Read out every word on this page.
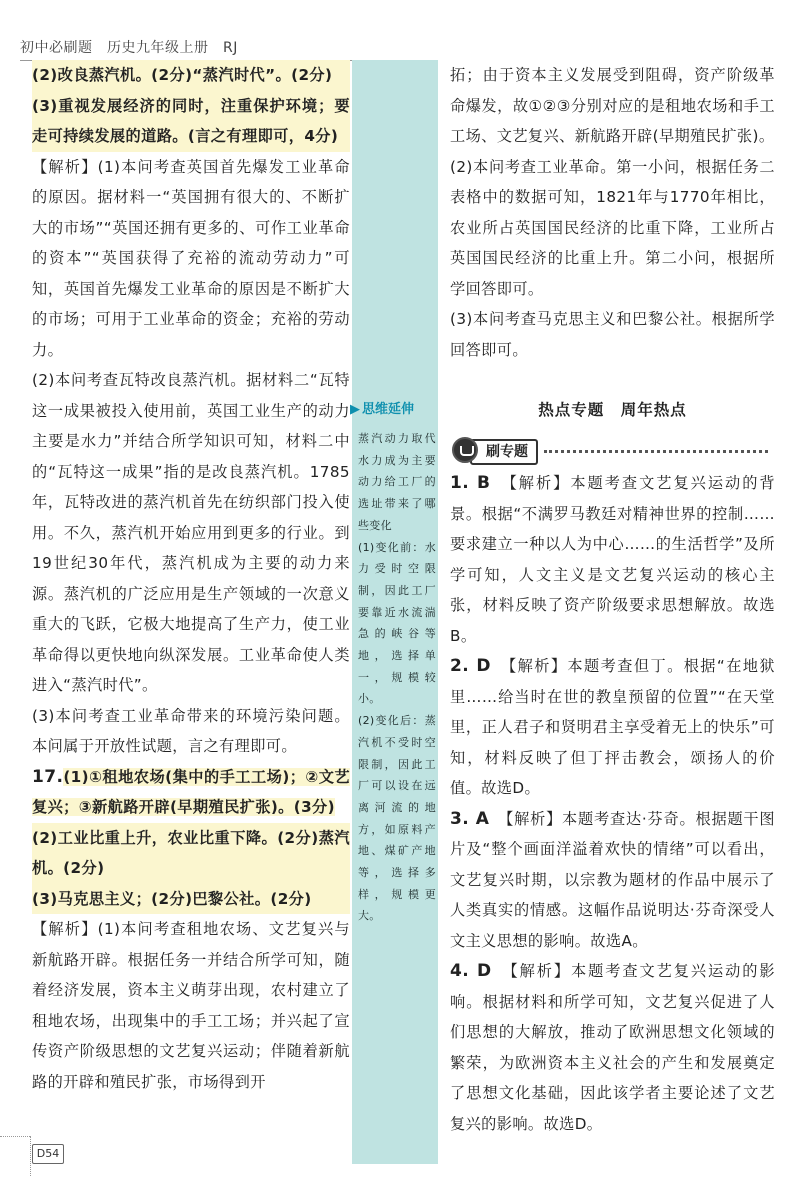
初中必刷题　历史九年级上册　RJ

(2)改良蒸汽机。(2分)“蒸汽时代”。(2分)

(3)重视发展经济的同时，注重保护环境；要走可持续发展的道路。(言之有理即可，4分)

【解析】(1)本问考查英国首先爆发工业革命的原因。据材料一“英国拥有很大的、不断扩大的市场”“英国还拥有更多的、可作工业革命的资本”“英国获得了充裕的流动劳动力”可知，英国首先爆发工业革命的原因是不断扩大的市场；可用于工业革命的资金；充裕的劳动力。

(2)本问考查瓦特改良蒸汽机。据材料二“瓦特这一成果被投入使用前，英国工业生产的动力主要是水力”并结合所学知识可知，材料二中的“瓦特这一成果”指的是改良蒸汽机。1785年，瓦特改进的蒸汽机首先在纺织部门投入使用。不久，蒸汽机开始应用到更多的行业。到19世纪30年代，蒸汽机成为主要的动力来源。蒸汽机的广泛应用是生产领域的一次意义重大的飞跃，它极大地提高了生产力，使工业革命得以更快地向纵深发展。工业革命使人类进入“蒸汽时代”。

(3)本问考查工业革命带来的环境污染问题。本问属于开放性试题，言之有理即可。

17.(1)①租地农场(集中的手工工场)；②文艺复兴；③新航路开辟(早期殖民扩张)。(3分)

(2)工业比重上升，农业比重下降。(2分)蒸汽机。(2分)

(3)马克思主义；(2分)巴黎公社。(2分)

【解析】(1)本问考查租地农场、文艺复兴与新航路开辟。根据任务一并结合所学可知，随着经济发展，资本主义萌芽出现，农村建立了租地农场，出现集中的手工工场；并兴起了宣传资产阶级思想的文艺复兴运动；伴随着新航路的开辟和殖民扩张，市场得到开

▶ 思维延伸

蒸汽动力取代水力成为主要动力给工厂的选址带来了哪些变化

(1)变化前：水力受时空限制，因此工厂要靠近水流湍急的峡谷等地，选择单一，规模较小。

(2)变化后：蒸汽机不受时空限制，因此工厂可以设在远离河流的地方，如原料产地、煤矿产地等，选择多样，规模更大。

拓；由于资本主义发展受到阻碍，资产阶级革命爆发，故①②③分别对应的是租地农场和手工工场、文艺复兴、新航路开辟(早期殖民扩张)。

(2)本问考查工业革命。第一小问，根据任务二表格中的数据可知，1821年与1770年相比，农业所占英国国民经济的比重下降，工业所占英国国民经济的比重上升。第二小问，根据所学回答即可。

(3)本问考查马克思主义和巴黎公社。根据所学回答即可。

热点专题　周年热点
刷专题

1. B　 【解析】本题考查文艺复兴运动的背景。根据“不满罗马教廷对精神世界的控制……要求建立一种以人为中心……的生活哲学”及所学可知，人文主义是文艺复兴运动的核心主张，材料反映了资产阶级要求思想解放。故选B。

2. D　 【解析】本题考查但丁。根据“在地狱里……给当时在世的教皇预留的位置”“在天堂里，正人君子和贤明君主享受着无上的快乐”可知，材料反映了但丁抨击教会，颂扬人的价值。故选D。

3. A　 【解析】本题考查达·芬奇。根据题干图片及“整个画面洋溢着欢快的情绪”可以看出，文艺复兴时期，以宗教为题材的作品中展示了人类真实的情感。这幅作品说明达·芬奇深受人文主义思想的影响。故选A。

4. D　 【解析】本题考查文艺复兴运动的影响。根据材料和所学可知，文艺复兴促进了人们思想的大解放，推动了欧洲思想文化领域的繁荣，为欧洲资本主义社会的产生和发展奠定了思想文化基础，因此该学者主要论述了文艺复兴的影响。故选D。

D54
